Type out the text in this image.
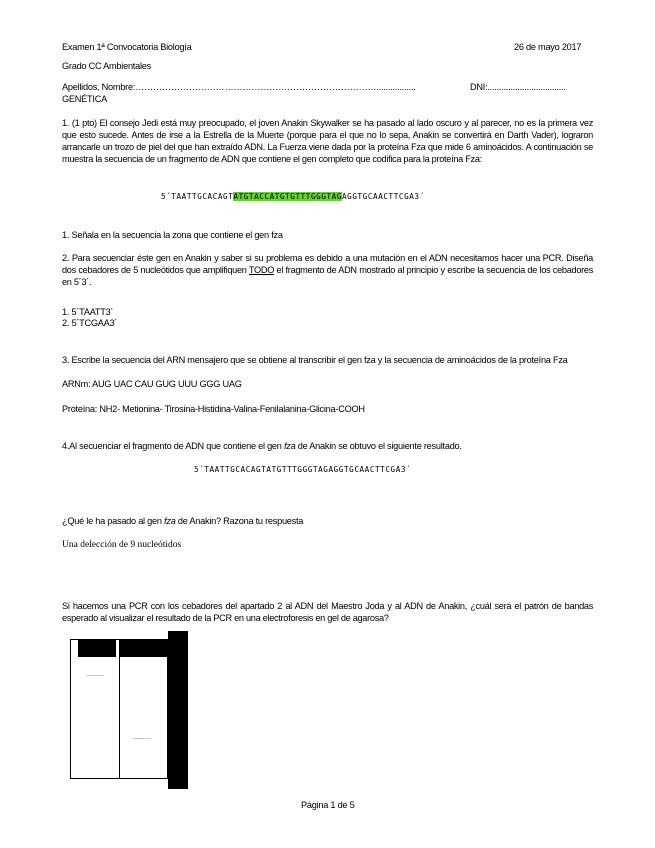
Examen 1ª Convocatoria Biología	26 de mayo 2017
Grado CC Ambientales
Apellidos, Nombre:……………………………………………………………………….................	DNI:..................................
GENÉTICA
1. (1 pto) El consejo Jedi está muy preocupado, el joven Anakin Skywalker se ha pasado al lado oscuro y al parecer, no es la primera vez que esto sucede. Antes de irse a la Estrella de la Muerte (porque para el que no lo sepa, Anakin se convertirá en Darth Vader), lograron arrancarle un trozo de piel del que han extraído ADN. La Fuerza viene dada por la proteína Fza que mide 6 aminoácidos. A continuación se muestra la secuencia de un fragmento de ADN que contiene el gen completo que codifica para la proteína Fza:
5´TAATTGCACAGTATGTACCATGTGTTTGGGTAGAGGTGCAACTTCGA3´
1. Señala en la secuencia la zona que contiene el gen fza
2. Para secuenciar éste gen en Anakin y saber si su problema es debido a una mutación en el ADN necesitamos hacer una PCR. Diseña dos cebadores de 5 nucleótidos que amplifiquen TODO el fragmento de ADN mostrado al principio y escribe la secuencia de los cebadores en 5´3´.
1. 5´TAATT3´
2. 5´TCGAA3´
3. Escribe la secuencia del ARN mensajero que se obtiene al transcribir el gen fza y la secuencia de aminoácidos de la proteína Fza
ARNm: AUG UAC CAU GUG UUU GGG UAG
Proteína: NH2- Metionina- Tirosina-Histidina-Valina-Fenilalanina-Glicina-COOH
4.Al secuenciar el fragmento de ADN que contiene el gen fza de Anakin se obtuvo el siguiente resultado.
5´TAATTGCACAGTATGTTTGGGTAGAGGTGCAACTTCGA3´
¿Qué le ha pasado al gen fza de Anakin? Razona tu respuesta
Una delección de 9 nucleótidos
Si hacemos una PCR con los cebadores del apartado 2 al ADN del Maestro Joda y al ADN de Anakin, ¿cuál será el patrón de bandas esperado al visualizar el resultado de la PCR en una electroforesis en gel de agarosa?
Página 1 de 5
